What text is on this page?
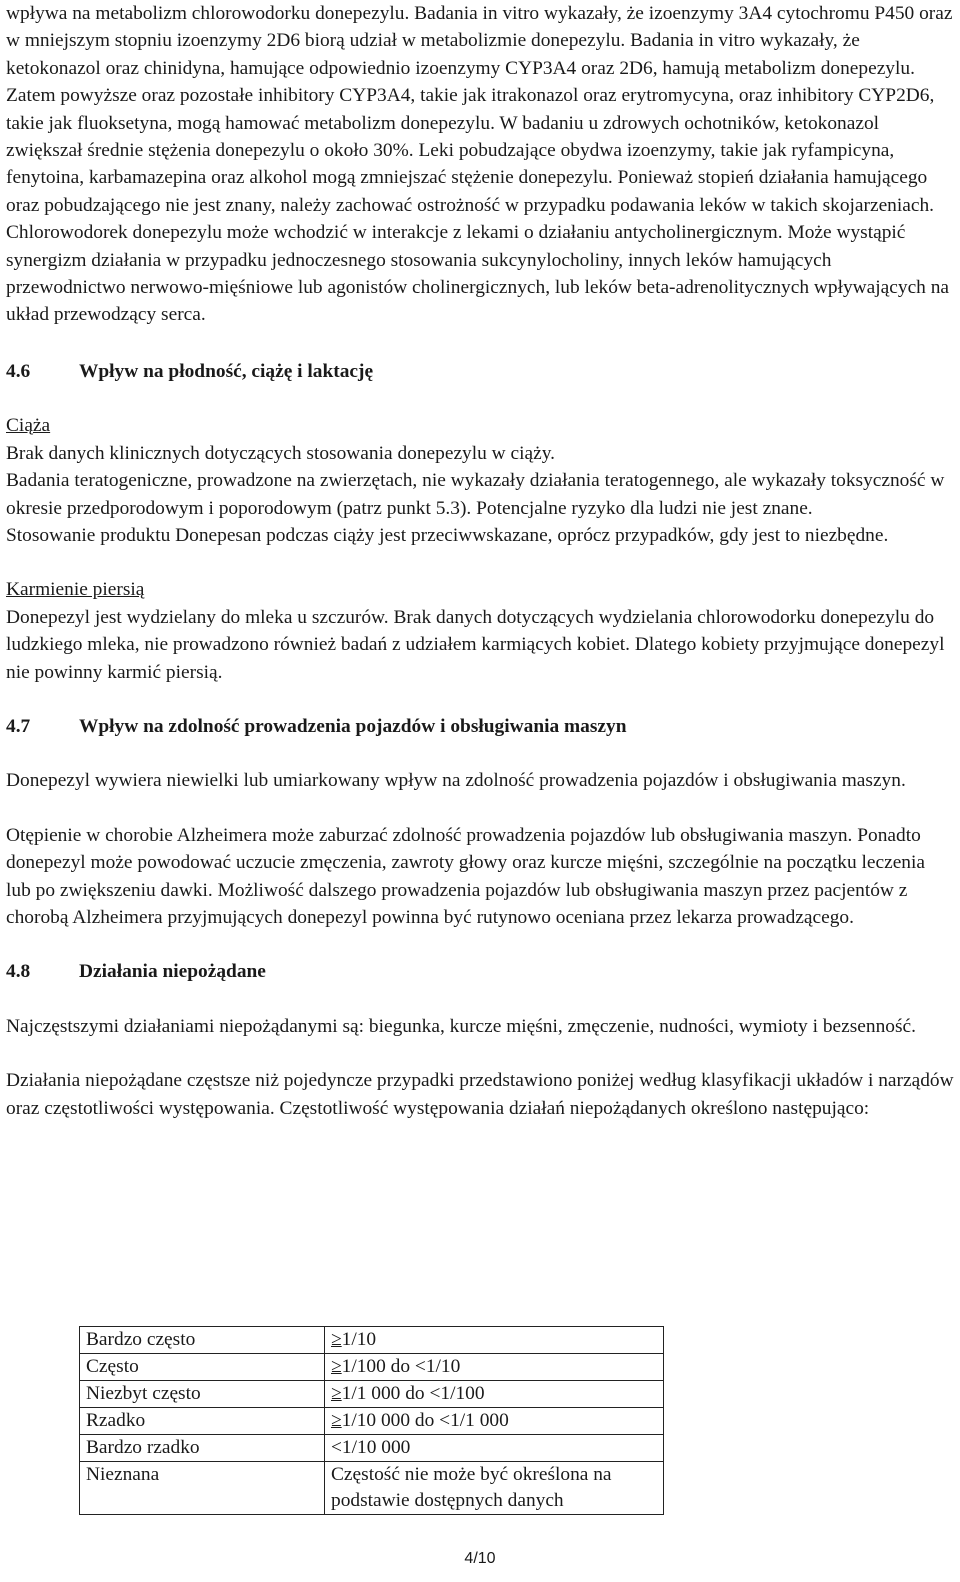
wpływa na metabolizm chlorowodorku donepezylu. Badania in vitro wykazały, że izoenzymy 3A4 cytochromu P450 oraz w mniejszym stopniu izoenzymy 2D6 biorą udział w metabolizmie donepezylu. Badania in vitro wykazały, że ketokonazol oraz chinidyna, hamujące odpowiednio izoenzymy CYP3A4 oraz 2D6, hamują metabolizm donepezylu. Zatem powyższe oraz pozostałe inhibitory CYP3A4, takie jak itrakonazol oraz erytromycyna, oraz inhibitory CYP2D6, takie jak fluoksetyna, mogą hamować metabolizm donepezylu. W badaniu u zdrowych ochotników, ketokonazol zwiększał średnie stężenia donepezylu o około 30%. Leki pobudzające obydwa izoenzymy, takie jak ryfampicyna, fenytoina, karbamazepina oraz alkohol mogą zmniejszać stężenie donepezylu. Ponieważ stopień działania hamującego oraz pobudzającego nie jest znany, należy zachować ostrożność w przypadku podawania leków w takich skojarzeniach. Chlorowodorek donepezylu może wchodzić w interakcje z lekami o działaniu antycholinergicznym. Może wystąpić synergizm działania w przypadku jednoczesnego stosowania sukcynylocholiny, innych leków hamujących przewodnictwo nerwowo-mięśniowe lub agonistów cholinergicznych, lub leków beta-adrenolitycznych wpływających na układ przewodzący serca.

4.6	Wpływ na płodność, ciążę i laktację

Ciąża

Brak danych klinicznych dotyczących stosowania donepezylu w ciąży.

Badania teratogeniczne, prowadzone na zwierzętach, nie wykazały działania teratogennego, ale wykazały toksyczność w okresie przedporodowym i poporodowym (patrz punkt 5.3). Potencjalne ryzyko dla ludzi nie jest znane.

Stosowanie produktu Donepesan podczas ciąży jest przeciwwskazane, oprócz przypadków, gdy jest to niezbędne.

Karmienie piersią

Donepezyl jest wydzielany do mleka u szczurów. Brak danych dotyczących wydzielania chlorowodorku donepezylu do ludzkiego mleka, nie prowadzono również badań z udziałem karmiących kobiet. Dlatego kobiety przyjmujące donepezyl nie powinny karmić piersią.

4.7	Wpływ na zdolność prowadzenia pojazdów i obsługiwania maszyn

Donepezyl wywiera niewielki lub umiarkowany wpływ na zdolność prowadzenia pojazdów i obsługiwania maszyn.

Otępienie w chorobie Alzheimera może zaburzać zdolność prowadzenia pojazdów lub obsługiwania maszyn. Ponadto donepezyl może powodować uczucie zmęczenia, zawroty głowy oraz kurcze mięśni, szczególnie na początku leczenia lub po zwiększeniu dawki. Możliwość dalszego prowadzenia pojazdów lub obsługiwania maszyn przez pacjentów z chorobą Alzheimera przyjmujących donepezyl powinna być rutynowo oceniana przez lekarza prowadzącego.

4.8	Działania niepożądane

Najczęstszymi działaniami niepożądanymi są: biegunka, kurcze mięśni, zmęczenie, nudności, wymioty i bezsenność.

Działania niepożądane częstsze niż pojedyncze przypadki przedstawiono poniżej według klasyfikacji układów i narządów oraz częstotliwości występowania. Częstotliwość występowania działań niepożądanych określono następująco:

Bardzo często	≥1/10
Często	≥1/100 do <1/10
Niezbyt często	≥1/1 000 do <1/100
Rzadko	≥1/10 000 do <1/1 000
Bardzo rzadko	<1/10 000
Nieznana	Częstość nie może być określona na podstawie dostępnych danych
4/10
